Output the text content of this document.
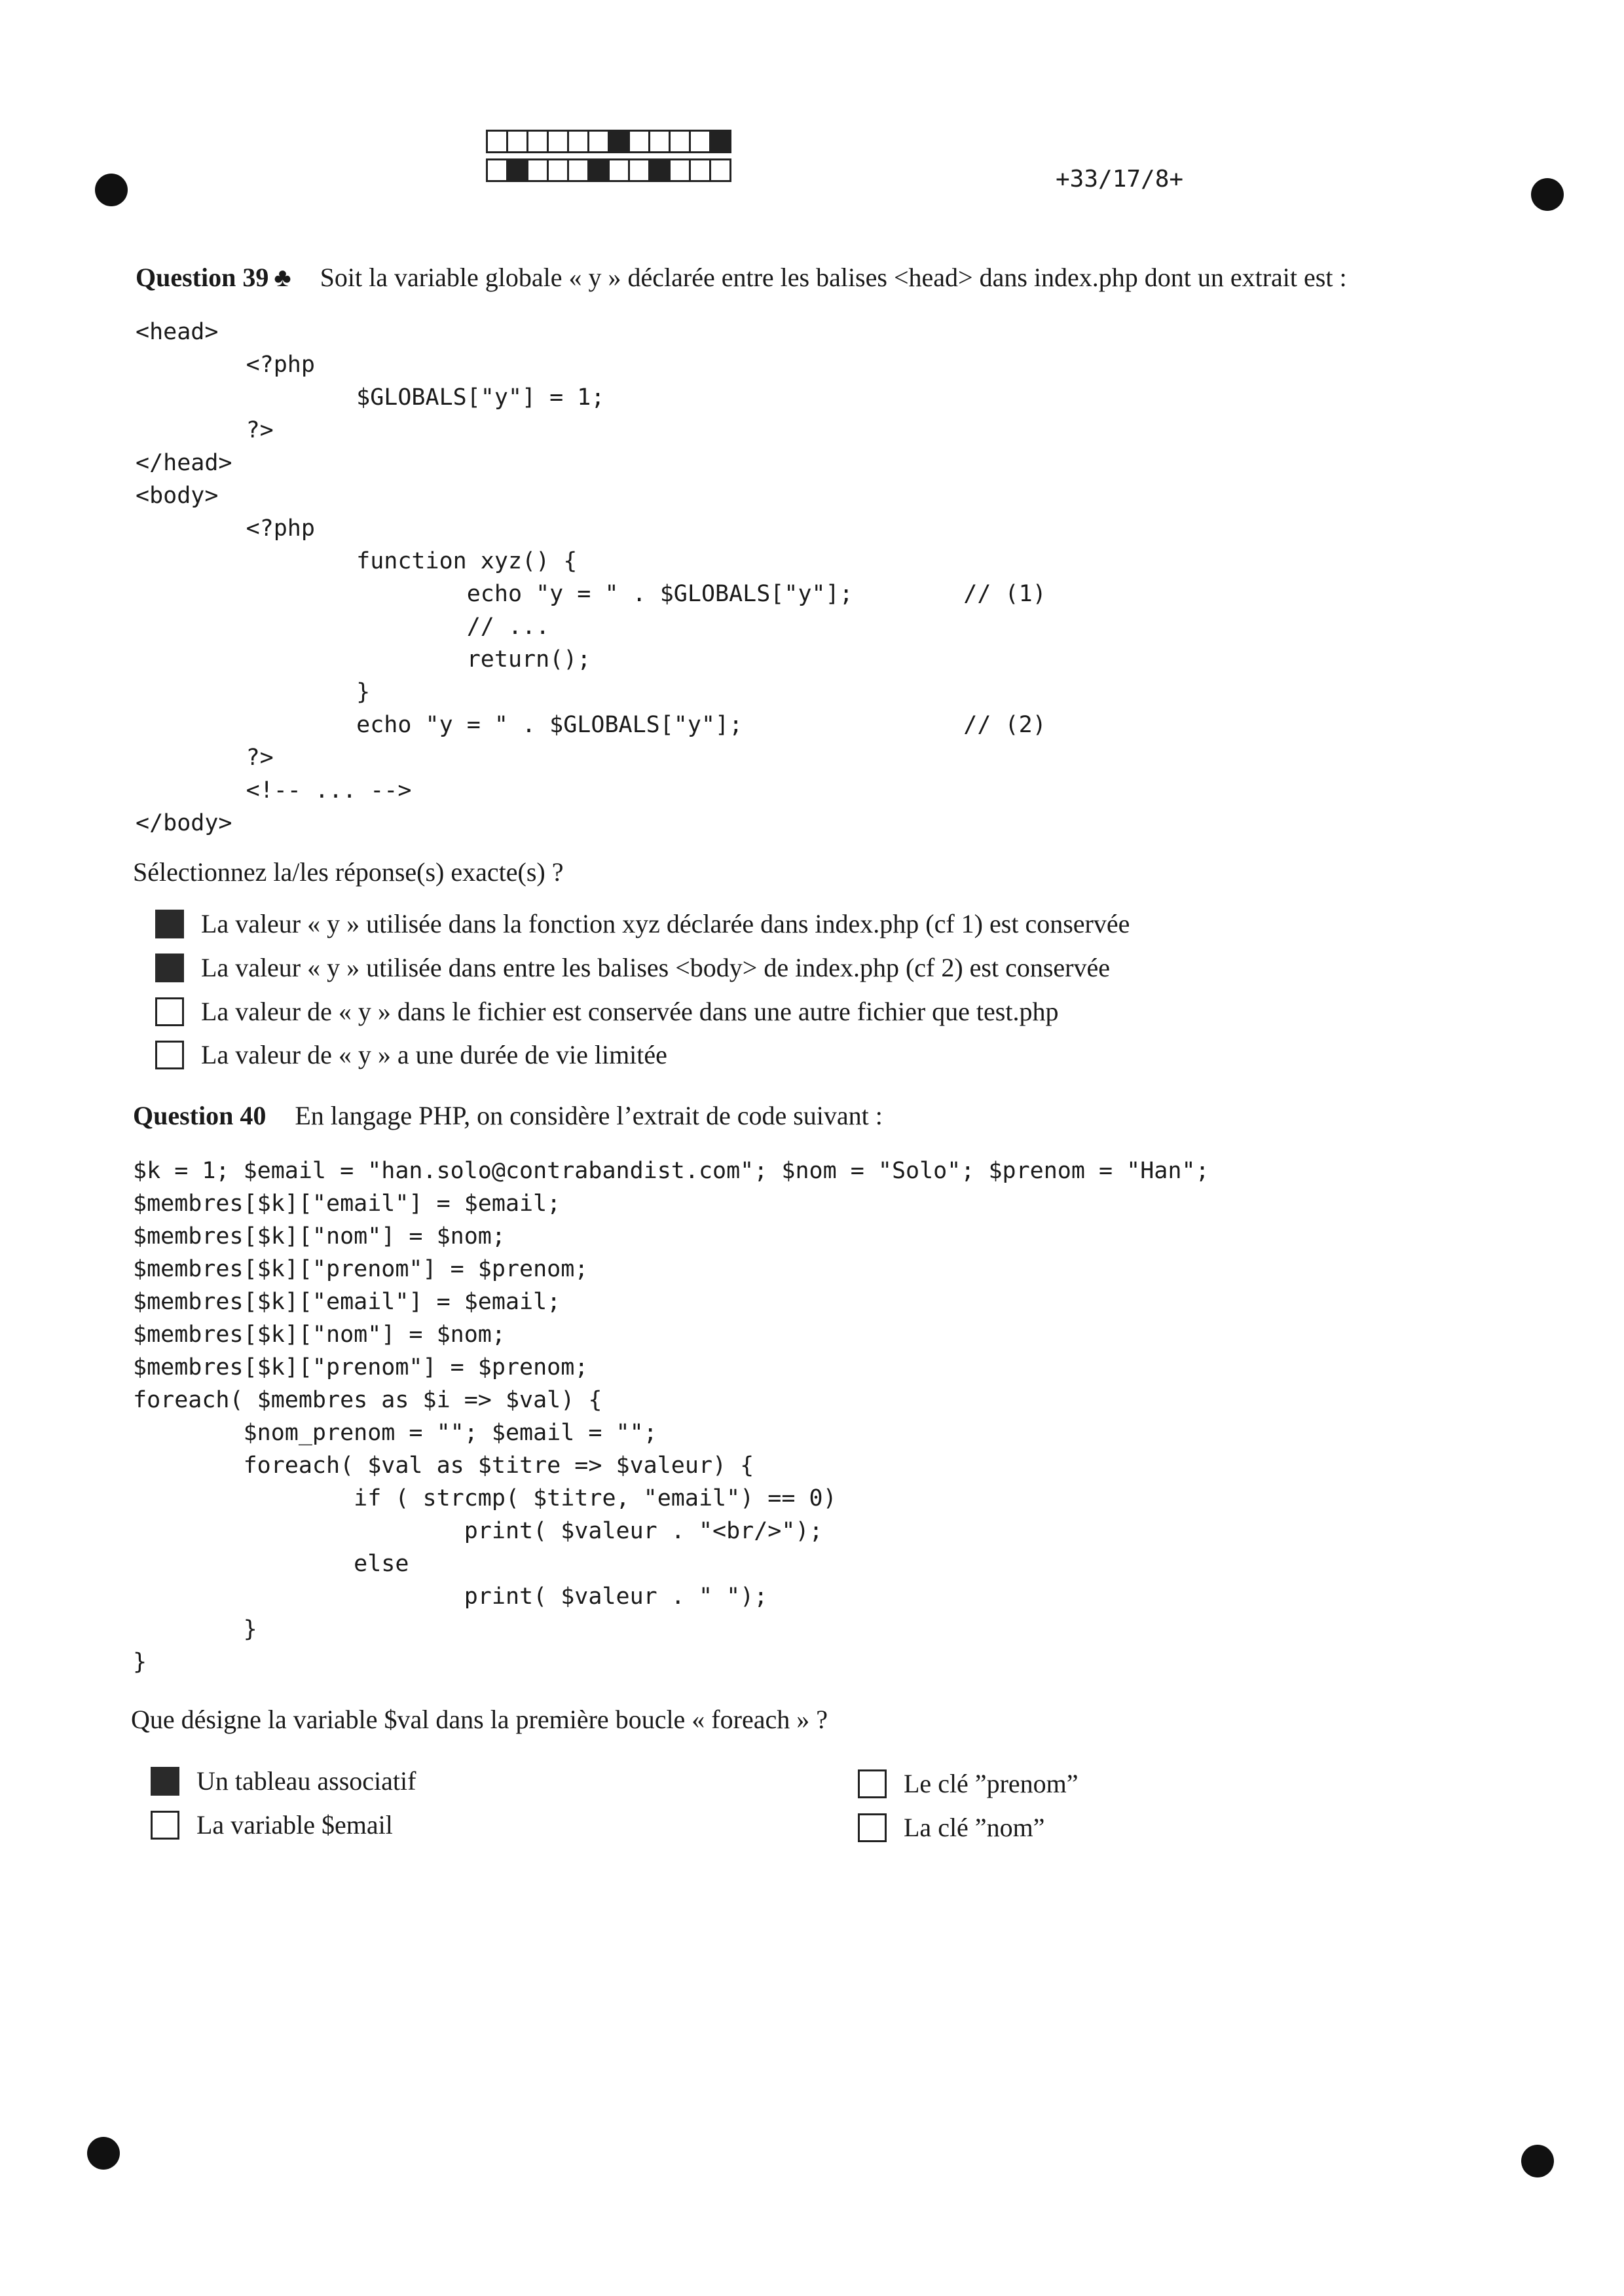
+33/17/8+
Question 39 ♣ Soit la variable globale « y » déclarée entre les balises <head> dans index.php dont un extrait est :
<head>
<?php
$GLOBALS["y"] = 1;
?>
</head>
<body>
<?php
function xyz() {
echo "y = " . $GLOBALS["y"];        // (1)
// ...
return();
}
echo "y = " . $GLOBALS["y"];                // (2)
?>
<!-- ... -->
</body>
Sélectionnez la/les réponse(s) exacte(s) ?
La valeur « y » utilisée dans la fonction xyz déclarée dans index.php (cf 1) est conservée
La valeur « y » utilisée dans entre les balises <body> de index.php (cf 2) est conservée
La valeur de « y » dans le fichier est conservée dans une autre fichier que test.php
La valeur de « y » a une durée de vie limitée
Question 40 En langage PHP, on considère l’extrait de code suivant :
$k = 1; $email = "han.solo@contrabandist.com"; $nom = "Solo"; $prenom = "Han";
$membres[$k]["email"] = $email;
$membres[$k]["nom"] = $nom;
$membres[$k]["prenom"] = $prenom;
$membres[$k]["email"] = $email;
$membres[$k]["nom"] = $nom;
$membres[$k]["prenom"] = $prenom;
foreach( $membres as $i => $val) {
$nom_prenom = ""; $email = "";
foreach( $val as $titre => $valeur) {
if ( strcmp( $titre, "email") == 0)
print( $valeur . "<br/>");
else
print( $valeur . " ");
}
}
Que désigne la variable $val dans la première boucle « foreach » ?
Un tableau associatif
La variable $email
Le clé ”prenom”
La clé ”nom”
